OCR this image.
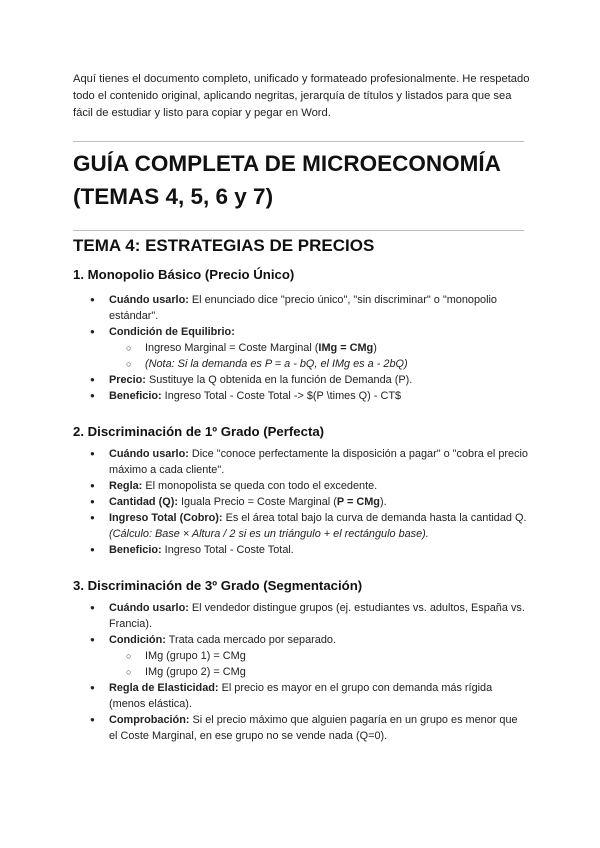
Aquí tienes el documento completo, unificado y formateado profesionalmente. He respetado todo el contenido original, aplicando negritas, jerarquía de títulos y listados para que sea fácil de estudiar y listo para copiar y pegar en Word.

GUÍA COMPLETA DE MICROECONOMÍA
(TEMAS 4, 5, 6 y 7)
TEMA 4: ESTRATEGIAS DE PRECIOS
1. Monopolio Básico (Precio Único)
● Cuándo usarlo: El enunciado dice "precio único", "sin discriminar" o "monopolio estándar".
● Condición de Equilibrio:
○ Ingreso Marginal = Coste Marginal (IMg = CMg)
○ (Nota: Si la demanda es P = a - bQ, el IMg es a - 2bQ)
● Precio: Sustituye la Q obtenida en la función de Demanda (P).
● Beneficio: Ingreso Total - Coste Total -> $(P \times Q) - CT$
2. Discriminación de 1º Grado (Perfecta)
● Cuándo usarlo: Dice "conoce perfectamente la disposición a pagar" o "cobra el precio máximo a cada cliente".
● Regla: El monopolista se queda con todo el excedente.
● Cantidad (Q): Iguala Precio = Coste Marginal (P = CMg).
● Ingreso Total (Cobro): Es el área total bajo la curva de demanda hasta la cantidad Q. (Cálculo: Base × Altura / 2 si es un triángulo + el rectángulo base).
● Beneficio: Ingreso Total - Coste Total.
3. Discriminación de 3º Grado (Segmentación)
● Cuándo usarlo: El vendedor distingue grupos (ej. estudiantes vs. adultos, España vs. Francia).
● Condición: Trata cada mercado por separado.
○ IMg (grupo 1) = CMg
○ IMg (grupo 2) = CMg
● Regla de Elasticidad: El precio es mayor en el grupo con demanda más rígida (menos elástica).
● Comprobación: Si el precio máximo que alguien pagaría en un grupo es menor que el Coste Marginal, en ese grupo no se vende nada (Q=0).
